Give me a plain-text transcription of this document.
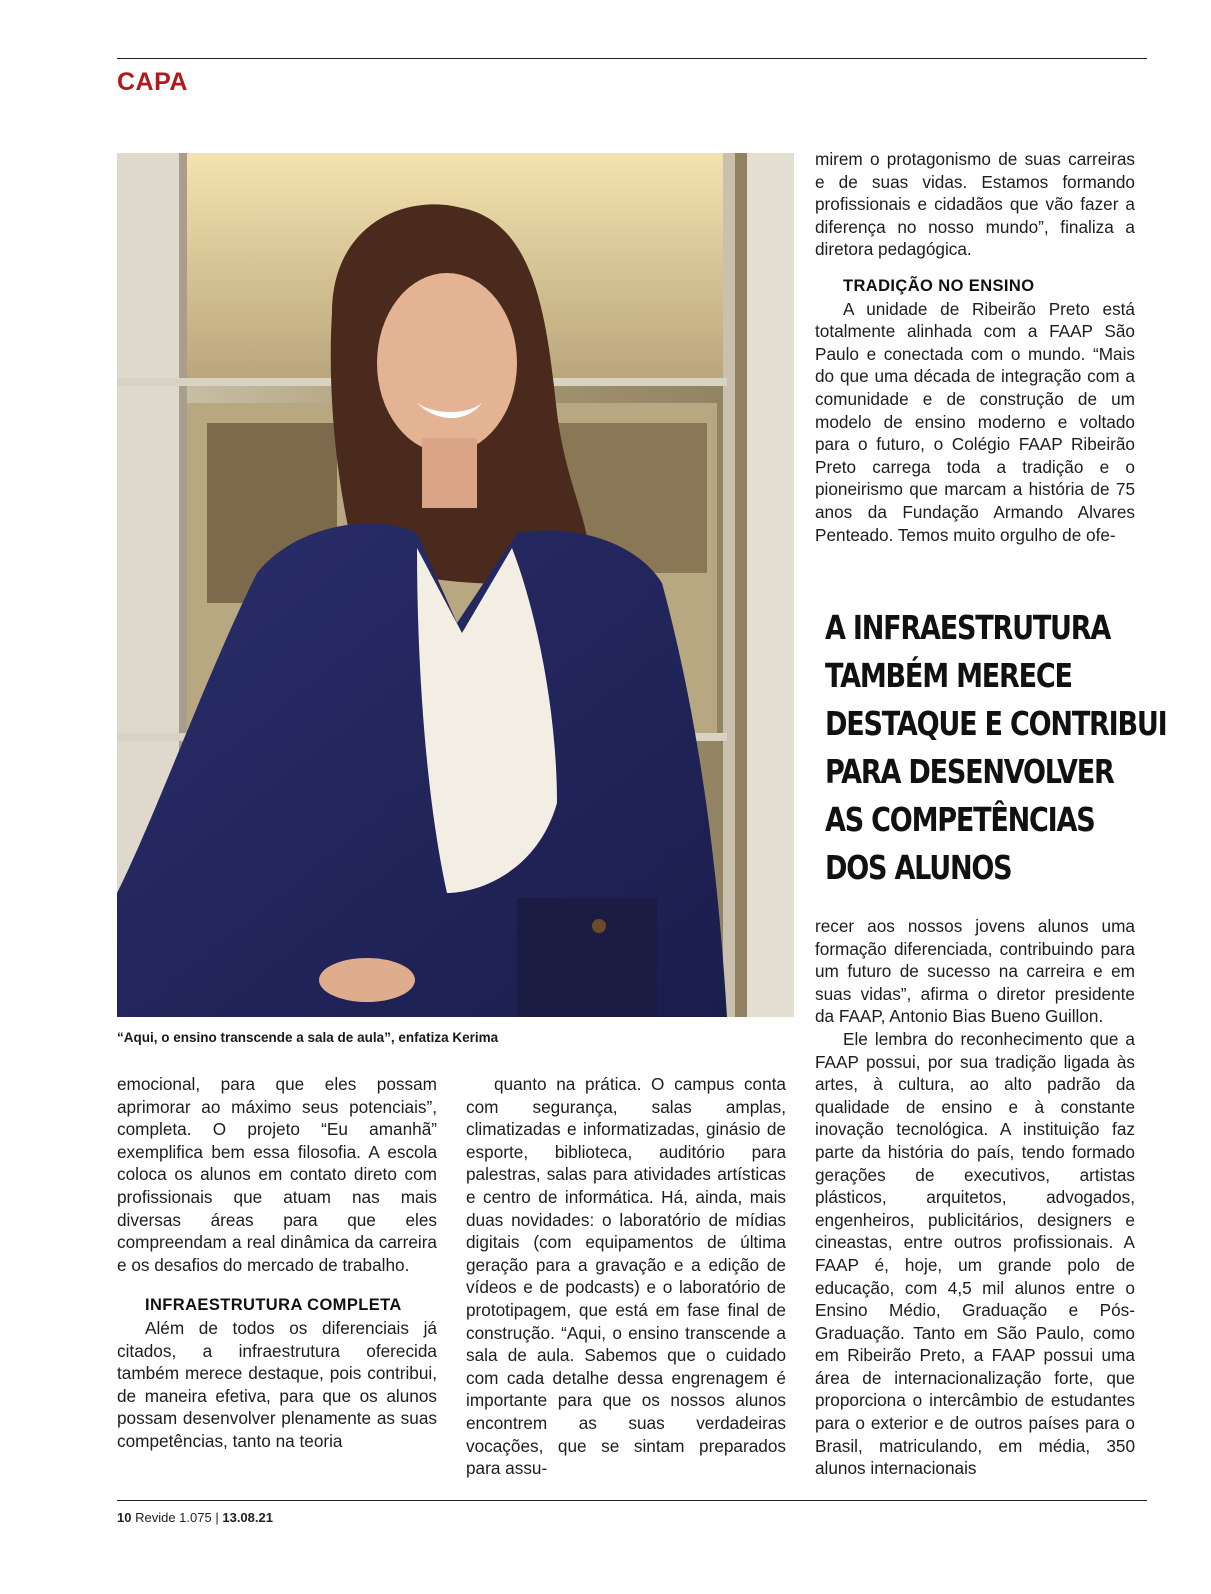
CAPA
“Aqui, o ensino transcende a sala de aula”, enfatiza Kerima

emocional, para que eles possam aprimorar ao máximo seus potenciais”, completa. O projeto “Eu amanhã” exemplifica bem essa filosofia. A escola coloca os alunos em contato direto com profissionais que atuam nas mais diversas áreas para que eles compreendam a real dinâmica da carreira e os desafios do mercado de trabalho.

INFRAESTRUTURA COMPLETA

Além de todos os diferenciais já citados, a infraestrutura oferecida também merece destaque, pois contribui, de maneira efetiva, para que os alunos possam desenvolver plenamente as suas competências, tanto na teoria

quanto na prática. O campus conta com segurança, salas amplas, climatizadas e informatizadas, ginásio de esporte, biblioteca, auditório para palestras, salas para atividades artísticas e centro de informática. Há, ainda, mais duas novidades: o laboratório de mídias digitais (com equipamentos de última geração para a gravação e a edição de vídeos e de podcasts) e o laboratório de prototipagem, que está em fase final de construção. “Aqui, o ensino transcende a sala de aula. Sabemos que o cuidado com cada detalhe dessa engrenagem é importante para que os nossos alunos encontrem as suas verdadeiras vocações, que se sintam preparados para assu-

mirem o protagonismo de suas carreiras e de suas vidas. Estamos formando profissionais e cidadãos que vão fazer a diferença no nosso mundo”, finaliza a diretora pedagógica.

TRADIÇÃO NO ENSINO

A unidade de Ribeirão Preto está totalmente alinhada com a FAAP São Paulo e conectada com o mundo. “Mais do que uma década de integração com a comunidade e de construção de um modelo de ensino moderno e voltado para o futuro, o Colégio FAAP Ribeirão Preto carrega toda a tradição e o pioneirismo que marcam a história de 75 anos da Fundação Armando Alvares Penteado. Temos muito orgulho de ofe-

A INFRAESTRUTURA
TAMBÉM MERECE
DESTAQUE E CONTRIBUI
PARA DESENVOLVER
AS COMPETÊNCIAS
DOS ALUNOS

recer aos nossos jovens alunos uma formação diferenciada, contribuindo para um futuro de sucesso na carreira e em suas vidas”, afirma o diretor presidente da FAAP, Antonio Bias Bueno Guillon.

Ele lembra do reconhecimento que a FAAP possui, por sua tradição ligada às artes, à cultura, ao alto padrão da qualidade de ensino e à constante inovação tecnológica. A instituição faz parte da história do país, tendo formado gerações de executivos, artistas plásticos, arquitetos, advogados, engenheiros, publicitários, designers e cineastas, entre outros profissionais. A FAAP é, hoje, um grande polo de educação, com 4,5 mil alunos entre o Ensino Médio, Graduação e Pós-Graduação. Tanto em São Paulo, como em Ribeirão Preto, a FAAP possui uma área de internacionalização forte, que proporciona o intercâmbio de estudantes para o exterior e de outros países para o Brasil, matriculando, em média, 350 alunos internacionais

10 Revide 1.075 | 13.08.21
